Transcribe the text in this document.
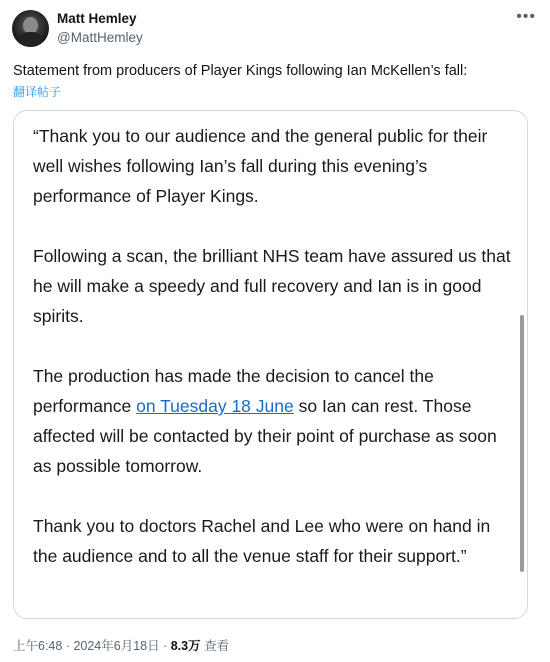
Matt Hemley
@MattHemley
•••
Statement from producers of Player Kings following Ian McKellen’s fall:
翻译帖子

“Thank you to our audience and the general public for their well wishes following Ian’s fall during this evening’s performance of Player Kings.

Following a scan, the brilliant NHS team have assured us that he will make a speedy and full recovery and Ian is in good spirits.

The production has made the decision to cancel the performance on Tuesday 18 June so Ian can rest. Those affected will be contacted by their point of purchase as soon as possible tomorrow.

Thank you to doctors Rachel and Lee who were on hand in the audience and to all the venue staff for their support.”

上午6:48 · 2024年6月18日 · 8.3万 查看
